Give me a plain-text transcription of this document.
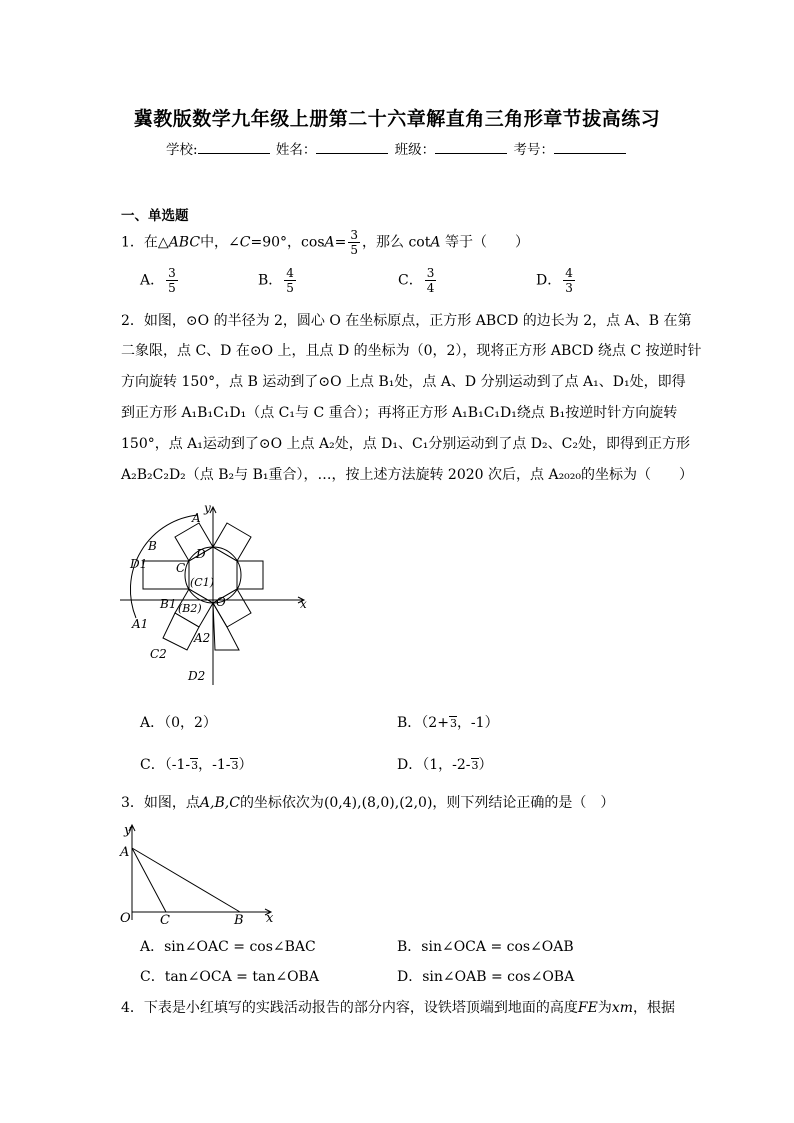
冀教版数学九年级上册第二十六章解直角三角形章节拔高练习
学校:	姓名：	班级：	考号：
一、单选题
1．在△ABC中，∠C=90°，$\cos A= \frac{3}{5}$ ，那么 cotA 等于（　　）
A． $\frac{3}{5}$	B． $\frac{4}{5}$	C． $\frac{3}{4}$	D． $\frac{4}{3}$
2．如图，⊙O 的半径为 2，圆心 O 在坐标原点，正方形 ABCD 的边长为 2，点 A、B 在第
二象限，点 C、D 在⊙O 上，且点 D 的坐标为（0，2），现将正方形 ABCD 绕点 C 按逆时针
方向旋转 150°，点 B 运动到了⊙O 上点 B₁处，点 A、D 分别运动到了点 A₁、D₁处，即得
到正方形 A₁B₁C₁D₁（点 C₁与 C 重合）；再将正方形 A₁B₁C₁D₁绕点 B₁按逆时针方向旋转
150°，点 A₁运动到了⊙O 上点 A₂处，点 D₁、C₁分别运动到了点 D₂、C₂处，即得到正方形
A₂B₂C₂D₂（点 B₂与 B₁重合），…，按上述方法旋转 2020 次后，点 A₂₀₂₀的坐标为（　　）
A
B
D1 C
D
(C1)
B1 (B2) O
A1
A2
C2
D2
x
y
A．（0，2）	B．（2+3，-1）
C．（-1-3，-1-3）	D．（1，-2-3）
3．如图，点A,B,C的坐标依次为(0,4),(8,0),(2,0)，则下列结论正确的是（　）
y
A
O C	B x
A．sin∠OAC = cos∠BAC	B．sin∠OCA = cos∠OAB
C．tan∠OCA = tan∠OBA	D．sin∠OAB = cos∠OBA
4．下表是小红填写的实践活动报告的部分内容，设铁塔顶端到地面的高度FE为xm，根据
